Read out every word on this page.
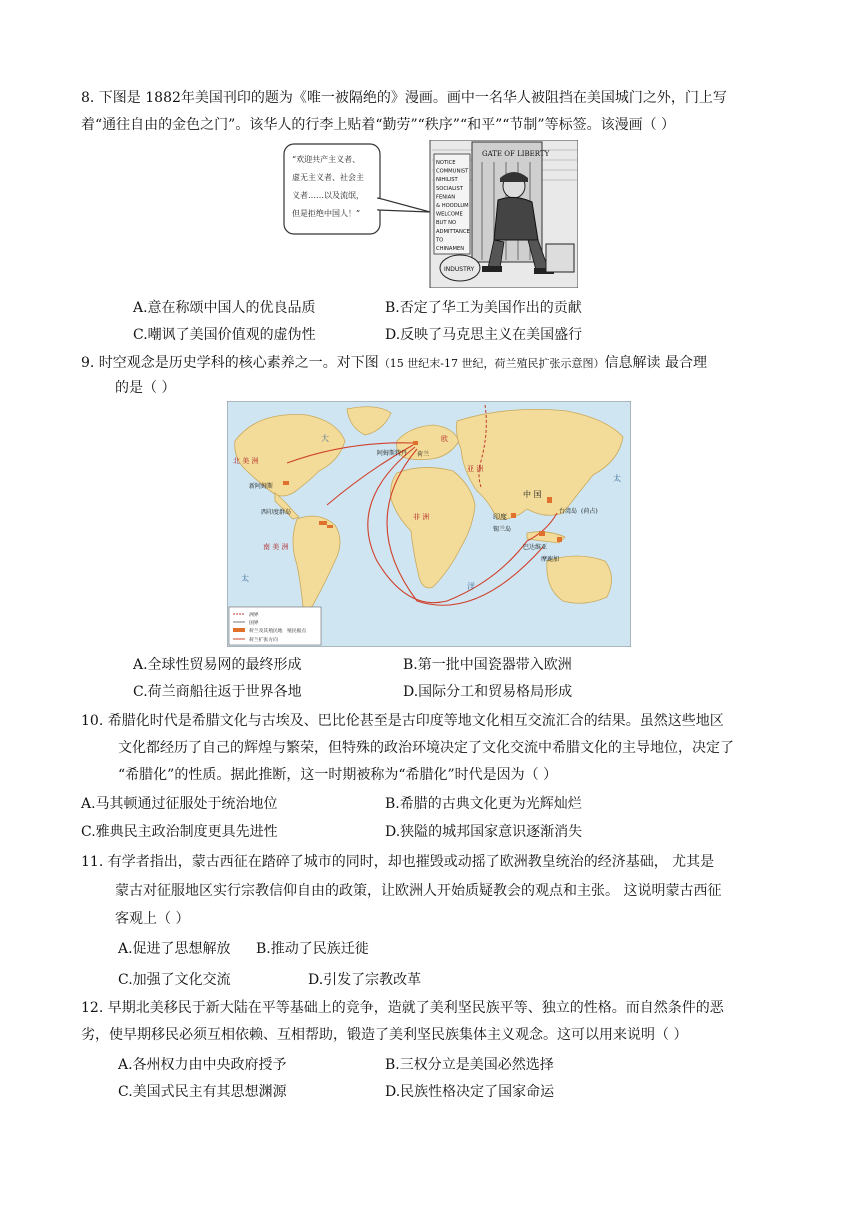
8. 下图是 1882年美国刊印的题为《唯一被隔绝的》漫画。画中一名华人被阻挡在美国城门之外，门上写
着“通往自由的金色之门”。该华人的行李上贴着“勤劳”“秩序”“和平”“节制”等标签。该漫画（ ）
“欢迎共产主义者、 虚无主义者、社会主 义者……以及流氓， 但是拒绝中国人！”
GATE OF LIBERTY
NOTICE COMMUNIST NIHILIST SOCIALIST FENIAN & HOODLUM WELCOME BUT NO ADMITTANCE TO CHINAMEN
INDUSTRY
A.意在称颂中国人的优良品质	B.否定了华工为美国作出的贡献
C.嘲讽了美国价值观的虚伪性	D.反映了马克思主义在美国盛行
9. 时空观念是历史学科的核心素养之一。对下图（15 世纪末-17 世纪，荷兰殖民扩张示意图）信息解读 最合理
的是（ ）
北 美 洲
南 美 洲
亚 洲
非 洲
欧
中 国
印度
阿姆斯特丹 荷兰
新阿姆斯
西印度群岛	台湾岛 (荷占)
锡兰岛
巴达维亚
摩鹿加
大
太
太
洋
洲界
国界
荷兰及其殖民地 殖民据点
荷兰扩张方向
A.全球性贸易网的最终形成	B.第一批中国瓷器带入欧洲
C.荷兰商船往返于世界各地	D.国际分工和贸易格局形成
10. 希腊化时代是希腊文化与古埃及、巴比伦甚至是古印度等地文化相互交流汇合的结果。虽然这些地区
文化都经历了自己的辉煌与繁荣，但特殊的政治环境决定了文化交流中希腊文化的主导地位，决定了
“希腊化”的性质。据此推断，这一时期被称为“希腊化”时代是因为（ ）
A.马其顿通过征服处于统治地位	B.希腊的古典文化更为光辉灿烂
C.雅典民主政治制度更具先进性	D.狭隘的城邦国家意识逐渐消失
11. 有学者指出，蒙古西征在踏碎了城市的同时，却也摧毁或动摇了欧洲教皇统治的经济基础， 尤其是
蒙古对征服地区实行宗教信仰自由的政策，让欧洲人开始质疑教会的观点和主张。 这说明蒙古西征
客观上（ ）
A.促进了思想解放 B.推动了民族迁徙
C.加强了文化交流	D.引发了宗教改革
12. 早期北美移民于新大陆在平等基础上的竞争，造就了美利坚民族平等、独立的性格。而自然条件的恶
劣，使早期移民必须互相依赖、互相帮助，锻造了美利坚民族集体主义观念。这可以用来说明（ ）
A.各州权力由中央政府授予	B.三权分立是美国必然选择
C.美国式民主有其思想渊源	D.民族性格决定了国家命运
